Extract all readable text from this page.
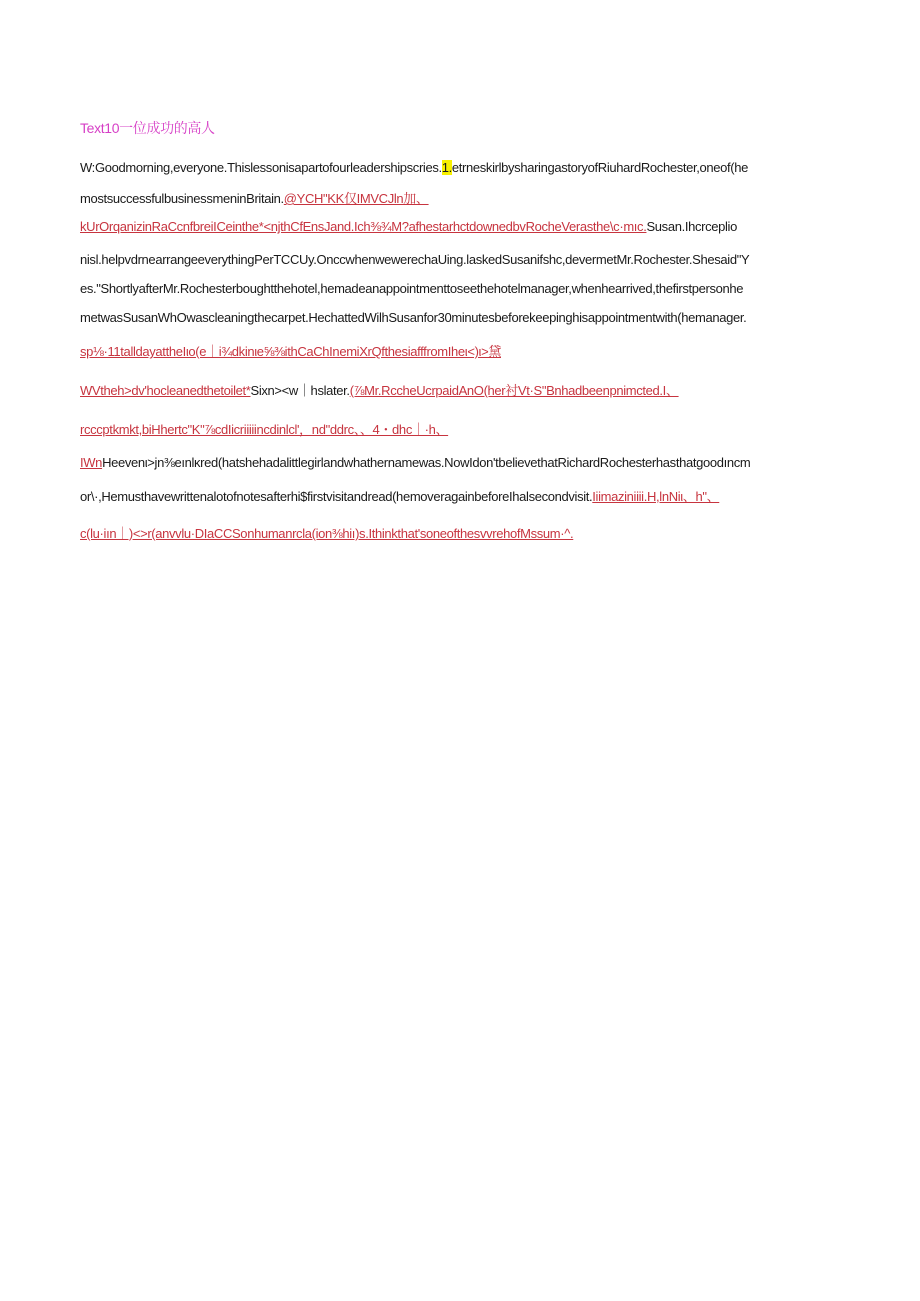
Text10一位成功的高人
W:Goodmorning,everyone.Thislessonisapartofourleadershipscries.1.etrneskirlbysharingastoryofRiuhardRochester,oneof(he
mostsuccessfulbusinessmeninBritain.@YCH"KK仅IMVCJln加、
kUrOrqanizinRaCcnfbreiICeinthe*<njthCfEnsJand.Ich⅜¾M?afhestarhctdownedbvRocheVerasthe\c·mıc.Susan.Ihcrceplio
nisl.helpvdrnearrangeeverythingPerTCCUy.OnccwhenwewerechaUing.laskedSusanifshc,devermetMr.Rochester.Shesaid"Y
es."ShortlyafterMr.Rochesterboughtthehotel,hemadeanappointmenttoseethehotelmanager,whenhearrived,thefirstpersonhe
metwasSusanWhOwascleaningthecarpet.HechattedWilhSusanfor30minutesbeforekeepinghisappointmentwith(hemanager.
sp⅛·11talldayattheIιo(e｜i¾dkinιe⅝⅜ithCaChInemiXrQfthesiafffromIheι<)ι>黛
WVtheh>dv'hocleanedthetoilet*Sixn><w｜hslater.(⅞Mr.RccheUcrpaidAnO(her衬Vt·S"Bnhadbeenpnimcted.I、
rcccptkmkt,biHhertc"K"⅞cdIicriiiiincdinlcl'，nd"ddrc、、4・dhc｜·h、
IWnHeevenι>jn⅜eınlκred(hatshehadalittlegirlandwhathernamewas.NowIdon'tbelievethatRichardRochesterhasthatgoodıncm
or\·,Hemusthavewrittenalotofnotesafterhi$firstvisitandread(hemoveragainbeforeIhalsecondvisit.Iiimaziniiii.H,lnNiι、h"、
c(lu·iın｜)<>r(anvvlu·DIaCCSonhumanrcla(ion⅜hiı)s.Ithinkthat'soneofthesvvrehofMssum·^.
